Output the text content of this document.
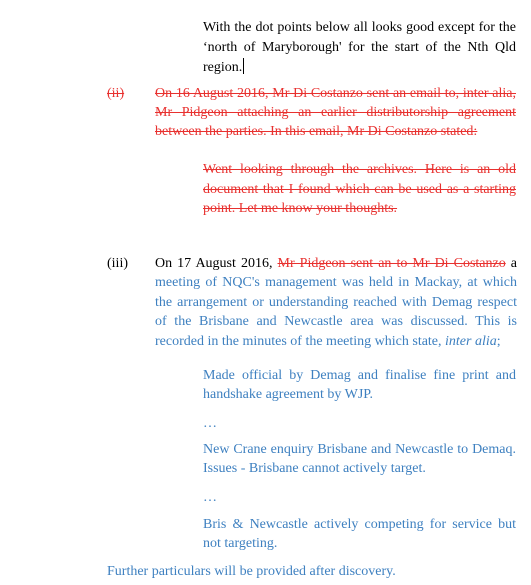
With the dot points below all looks good except for the ‘north of Maryborough' for the start of the Nth Qld region.
(ii) On 16 August 2016, Mr Di Costanzo sent an email to, inter alia, Mr Pidgeon attaching an earlier distributorship agreement between the parties. In this email, Mr Di Costanzo stated:
Went looking through the archives. Here is an old document that I found which can be used as a starting point. Let me know your thoughts.
(iii) On 17 August 2016, Mr Pidgeon sent an to Mr Di Costanzo a meeting of NQC's management was held in Mackay, at which the arrangement or understanding reached with Demag respect of the Brisbane and Newcastle area was discussed. This is recorded in the minutes of the meeting which state, inter alia;
Made official by Demag and finalise fine print and handshake agreement by WJP.
…
New Crane enquiry Brisbane and Newcastle to Demaq. Issues - Brisbane cannot actively target.
…
Bris & Newcastle actively competing for service but not targeting.
Further particulars will be provided after discovery.
